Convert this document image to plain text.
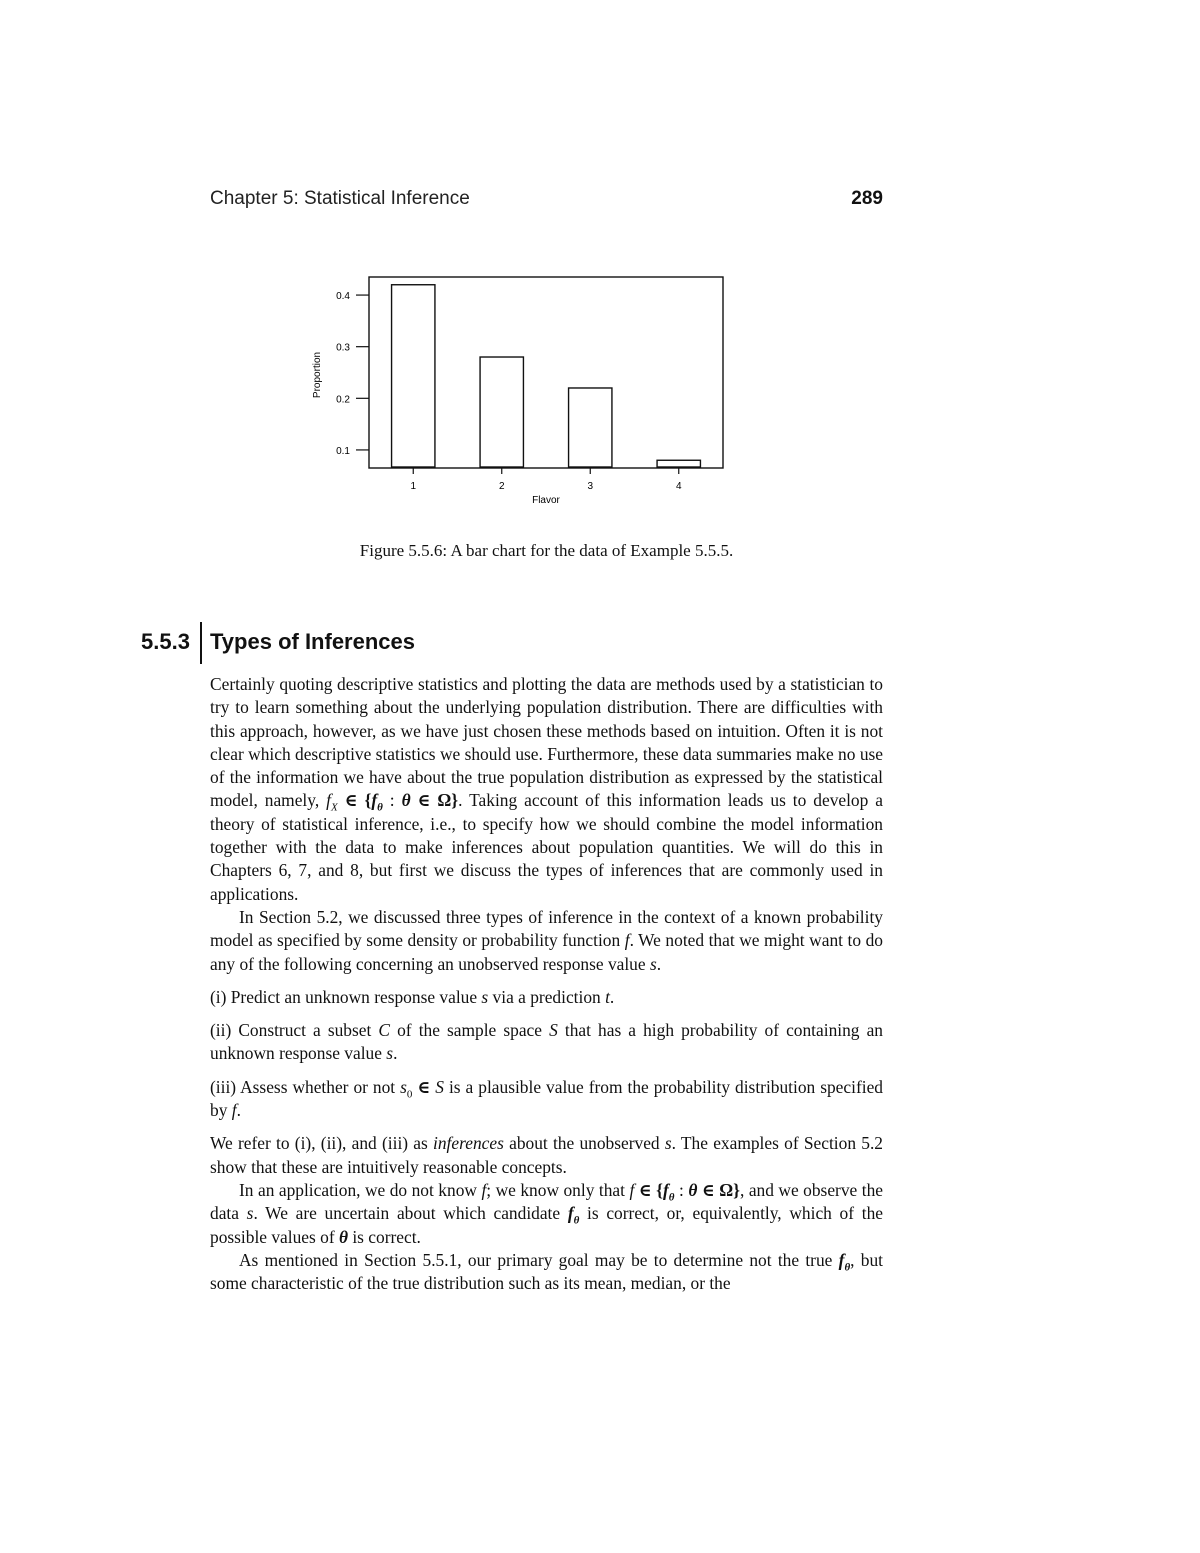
Chapter 5: Statistical Inference	289
0.1
0.2
0.3
0.4
1	2	3	4
Flavor
Proportion
Figure 5.5.6: A bar chart for the data of Example 5.5.5.
5.5.3 Types of Inferences

Certainly quoting descriptive statistics and plotting the data are methods used by a statistician to try to learn something about the underlying population distribution. There are difficulties with this approach, however, as we have just chosen these methods based on intuition. Often it is not clear which descriptive statistics we should use. Furthermore, these data summaries make no use of the information we have about the true population distribution as expressed by the statistical model, namely, $f_X$ ∈ {$f_\theta$ : θ ∈ Ω}. Taking account of this information leads us to develop a theory of statistical inference, i.e., to specify how we should combine the model information together with the data to make inferences about population quantities. We will do this in Chapters 6, 7, and 8, but first we discuss the types of inferences that are commonly used in applications.

In Section 5.2, we discussed three types of inference in the context of a known probability model as specified by some density or probability function f. We noted that we might want to do any of the following concerning an unobserved response value s.

(i) Predict an unknown response value s via a prediction t.

(ii) Construct a subset C of the sample space S that has a high probability of containing an unknown response value s.

(iii) Assess whether or not $s_0$ ∈ S is a plausible value from the probability distribution specified by f.

We refer to (i), (ii), and (iii) as inferences about the unobserved s. The examples of Section 5.2 show that these are intuitively reasonable concepts.

In an application, we do not know f; we know only that f ∈ {$f_\theta$ : θ ∈ Ω}, and we observe the data s. We are uncertain about which candidate $f_\theta$ is correct, or, equivalently, which of the possible values of θ is correct.

As mentioned in Section 5.5.1, our primary goal may be to determine not the true $f_\theta$, but some characteristic of the true distribution such as its mean, median, or the
